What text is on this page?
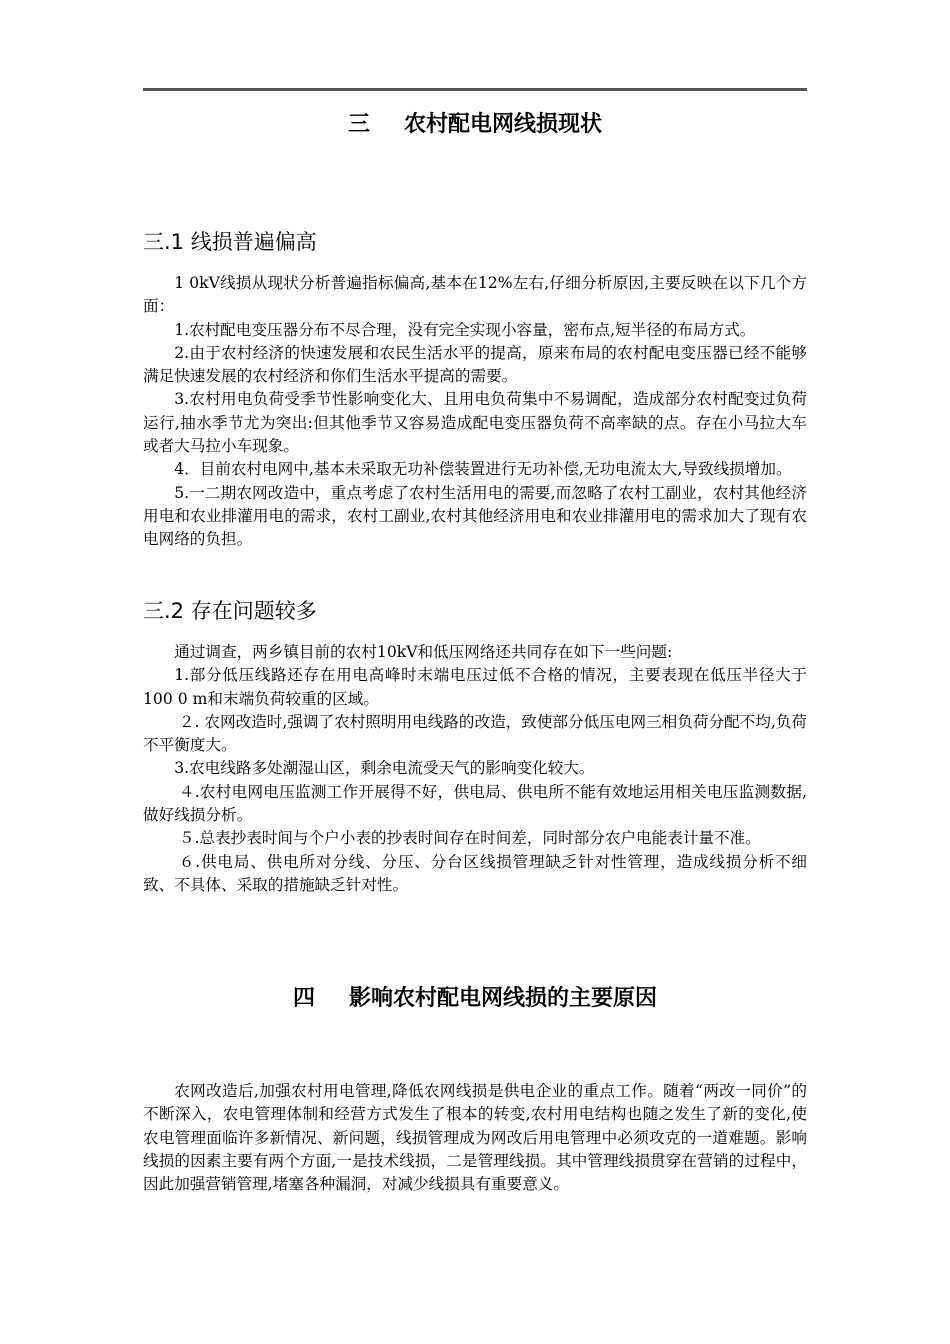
三 农村配电网线损现状
三.1 线损普遍偏高

1 0kV线损从现状分析普遍指标偏高,基本在12%左右,仔细分析原因,主要反映在以下几个方面：

1.农村配电变压器分布不尽合理，没有完全实现小容量，密布点,短半径的布局方式。

2.由于农村经济的快速发展和农民生活水平的提高，原来布局的农村配电变压器已经不能够满足快速发展的农村经济和你们生活水平提高的需要。

3.农村用电负荷受季节性影响变化大、且用电负荷集中不易调配，造成部分农村配变过负荷运行,抽水季节尤为突出:但其他季节又容易造成配电变压器负荷不高率缺的点。存在小马拉大车或者大马拉小车现象。

4．目前农村电网中,基本未采取无功补偿装置进行无功补偿,无功电流太大,导致线损增加。

5.一二期农网改造中，重点考虑了农村生活用电的需要,而忽略了农村工副业，农村其他经济用电和农业排灌用电的需求，农村工副业,农村其他经济用电和农业排灌用电的需求加大了现有农电网络的负担。

三.2 存在问题较多

通过调查，两乡镇目前的农村10kV和低压网络还共同存在如下一些问题:

1.部分低压线路还存在用电高峰时末端电压过低不合格的情况，主要表现在低压半径大于100 0 m和末端负荷较重的区域。

２. 农网改造时,强调了农村照明用电线路的改造，致使部分低压电网三相负荷分配不均,负荷不平衡度大。

3.农电线路多处潮湿山区，剩余电流受天气的影响变化较大。

４.农村电网电压监测工作开展得不好，供电局、供电所不能有效地运用相关电压监测数据,做好线损分析。

５.总表抄表时间与个户小表的抄表时间存在时间差，同时部分农户电能表计量不准。

６.供电局、供电所对分线、分压、分台区线损管理缺乏针对性管理，造成线损分析不细致、不具体、采取的措施缺乏针对性。

四 影响农村配电网线损的主要原因

农网改造后,加强农村用电管理,降低农网线损是供电企业的重点工作。随着“两改一同价”的不断深入，农电管理体制和经营方式发生了根本的转变,农村用电结构也随之发生了新的变化,使农电管理面临许多新情况、新问题，线损管理成为网改后用电管理中必须攻克的一道难题。影响线损的因素主要有两个方面,一是技术线损，二是管理线损。其中管理线损贯穿在营销的过程中，因此加强营销管理,堵塞各种漏洞，对减少线损具有重要意义。
